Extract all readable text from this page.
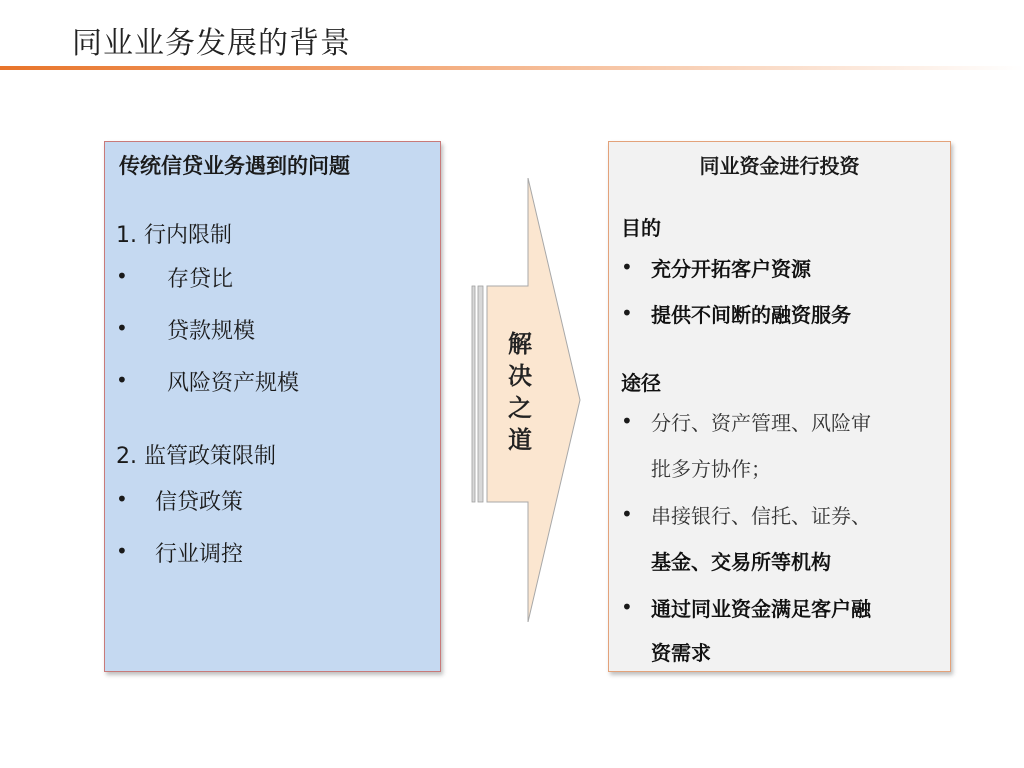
同业业务发展的背景
传统信贷业务遇到的问题
1. 行内限制
• 存贷比
• 贷款规模
• 风险资产规模
2. 监管政策限制
• 信贷政策
• 行业调控
解
决
之
道
同业资金进行投资
目的
• 充分开拓客户资源
• 提供不间断的融资服务
途径
• 分行、资产管理、风险审
批多方协作；
• 串接银行、信托、证券、
基金、交易所等机构
• 通过同业资金满足客户融
资需求
